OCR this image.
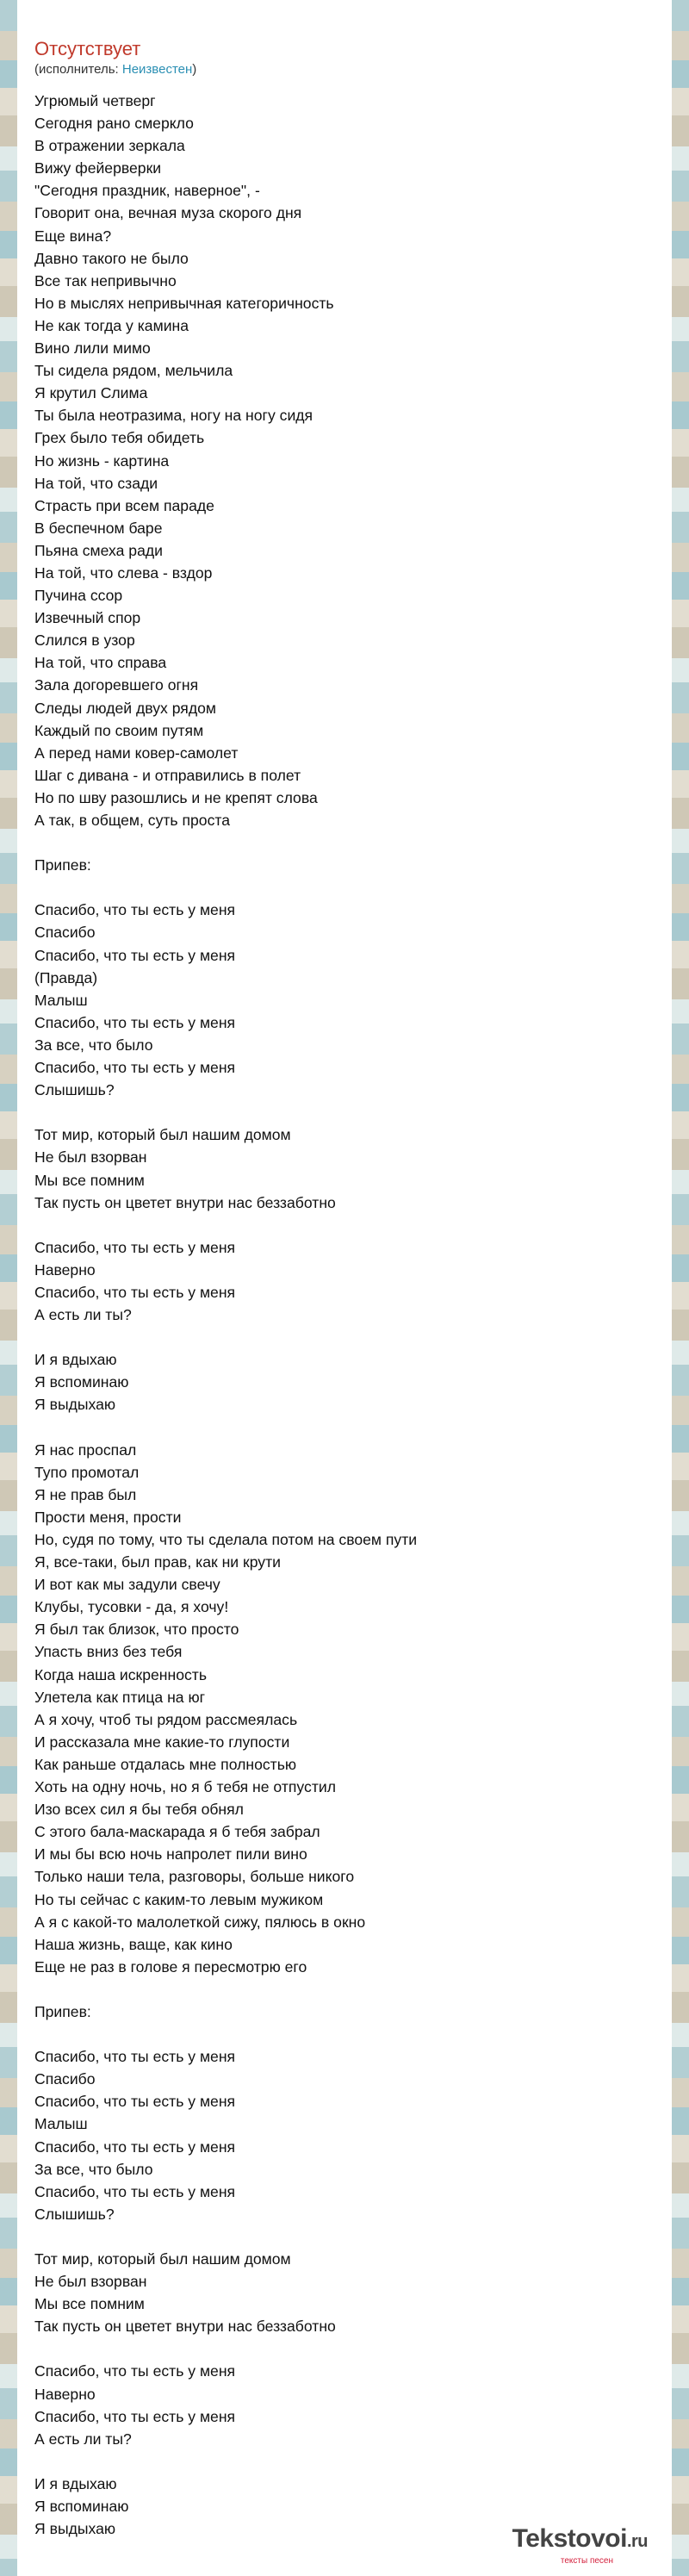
Отсутствует
(исполнитель: Неизвестен)
Угрюмый четверг
Сегодня рано смеркло
В отражении зеркала
Вижу фейерверки
"Сегодня праздник, наверное", -
Говорит она, вечная муза скорого дня
Еще вина?
Давно такого не было
Все так непривычно
Но в мыслях непривычная категоричность
Не как тогда у камина
Вино лили мимо
Ты сидела рядом, мельчила
Я крутил Слима
Ты была неотразима, ногу на ногу сидя
Грех было тебя обидеть
Но жизнь - картина
На той, что сзади
Страсть при всем параде
В беспечном баре
Пьяна смеха ради
На той, что слева - вздор
Пучина ссор
Извечный спор
Слился в узор
На той, что справа
Зала догоревшего огня
Следы людей двух рядом
Каждый по своим путям
А перед нами ковер-самолет
Шаг с дивана - и отправились в полет
Но по шву разошлись и не крепят слова
А так, в общем, суть проста

Припев:

Спасибо, что ты есть у меня
Спасибо
Спасибо, что ты есть у меня
(Правда)
Малыш
Спасибо, что ты есть у меня
За все, что было
Спасибо, что ты есть у меня
Слышишь?

Тот мир, который был нашим домом
Не был взорван
Мы все помним
Так пусть он цветет внутри нас беззаботно

Спасибо, что ты есть у меня
Наверно
Спасибо, что ты есть у меня
А есть ли ты?

И я вдыхаю
Я вспоминаю
Я выдыхаю

Я нас проспал
Тупо промотал
Я не прав был
Прости меня, прости
Но, судя по тому, что ты сделала потом на своем пути
Я, все-таки, был прав, как ни крути
И вот как мы задули свечу
Клубы, тусовки - да, я хочу!
Я был так близок, что просто
Упасть вниз без тебя
Когда наша искренность
Улетела как птица на юг
А я хочу, чтоб ты рядом рассмеялась
И рассказала мне какие-то глупости
Как раньше отдалась мне полностью
Хоть на одну ночь, но я б тебя не отпустил
Изо всех сил я бы тебя обнял
С этого бала-маскарада я б тебя забрал
И мы бы всю ночь напролет пили вино
Только наши тела, разговоры, больше никого
Но ты сейчас с каким-то левым мужиком
А я с какой-то малолеткой сижу, пялюсь в окно
Наша жизнь, ваще, как кино
Еще не раз в голове я пересмотрю его

Припев:

Спасибо, что ты есть у меня
Спасибо
Спасибо, что ты есть у меня
Малыш
Спасибо, что ты есть у меня
За все, что было
Спасибо, что ты есть у меня
Слышишь?

Тот мир, который был нашим домом
Не был взорван
Мы все помним
Так пусть он цветет внутри нас беззаботно

Спасибо, что ты есть у меня
Наверно
Спасибо, что ты есть у меня
А есть ли ты?

И я вдыхаю
Я вспоминаю
Я выдыхаю	Tekstovoi.ru
тексты песен
